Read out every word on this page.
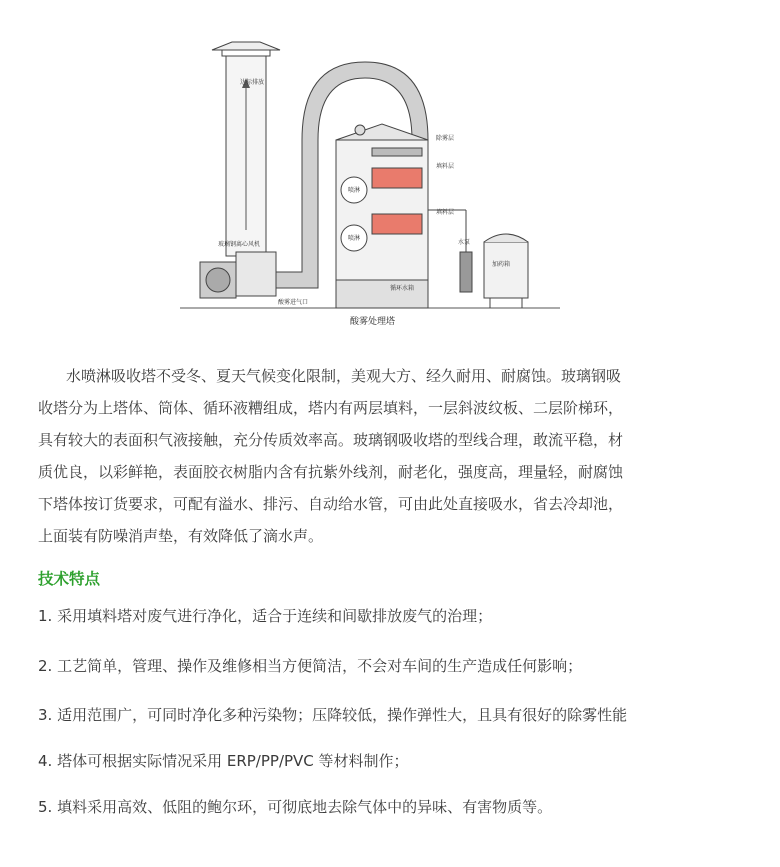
达标排放
玻璃钢离心风机
除雾层
填料层
填料层
喷淋
喷淋
水泵
加药箱
循环水箱
酸雾进气口
酸雾处理塔
水喷淋吸收塔不受冬、夏天气候变化限制，美观大方、经久耐用、耐腐蚀。玻璃钢吸
收塔分为上塔体、筒体、循环液糟组成，塔内有两层填料，一层斜波纹板、二层阶梯环，
具有较大的表面积气液接触，充分传质效率高。玻璃钢吸收塔的型线合理，敢流平稳，材
质优良，以彩鲜艳，表面胶衣树脂内含有抗紫外线剂，耐老化，强度高，理量轻，耐腐蚀
下塔体按订货要求，可配有溢水、排污、自动给水管，可由此处直接吸水，省去冷却池，
上面装有防噪消声垫，有效降低了滴水声。
技术特点
1. 采用填料塔对废气进行净化，适合于连续和间歇排放废气的治理；
2. 工艺简单，管理、操作及维修相当方便简洁，不会对车间的生产造成任何影响；
3. 适用范围广，可同时净化多种污染物；压降较低，操作弹性大，且具有很好的除雾性能
4. 塔体可根据实际情况采用 ERP/PP/PVC 等材料制作；
5. 填料采用高效、低阻的鲍尔环，可彻底地去除气体中的异味、有害物质等。
